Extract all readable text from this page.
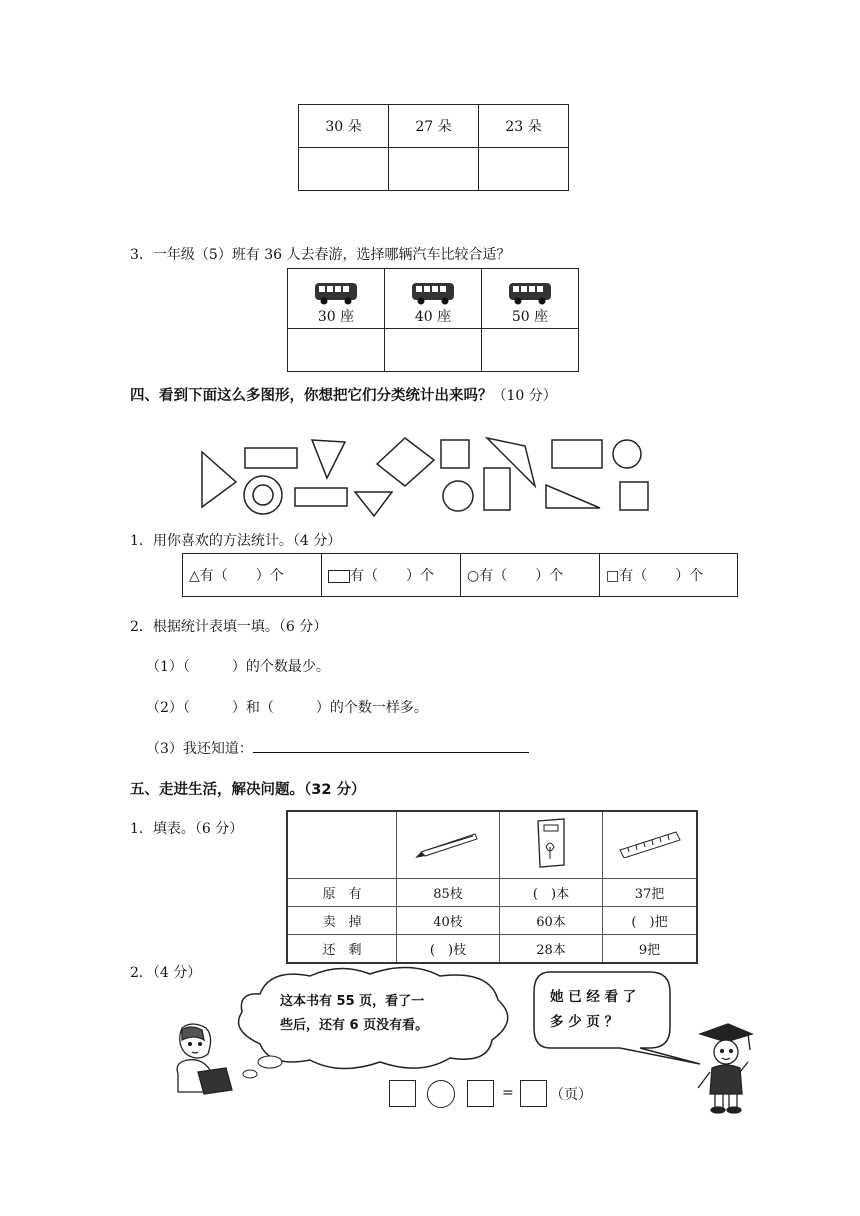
30 朵	27 朵	23 朵

3．一年级（5）班有 36 人去春游，选择哪辆汽车比较合适？
30 座	40 座	50 座

四、看到下面这么多图形，你想把它们分类统计出来吗？（10 分）
1．用你喜欢的方法统计。（4 分）
△有（　　）个	有（　　）个	○有（　　）个	□有（　　）个
2．根据统计表填一填。（6 分）
（1）（　　　）的个数最少。
（2）（　　　）和（　　　）的个数一样多。
（3）我还知道：
五、走进生活，解决问题。（32 分）
1．填表。（6 分）

原　有	85枝	(　)本	37把
卖　掉	40枝	60本	(　)把
还　剩	(　)枝	28本	9把
2．（4 分）
这本书有 55 页，看了一
些后，还有 6 页没有看。
她 已 经 看 了
多 少 页 ？
=	（页）
